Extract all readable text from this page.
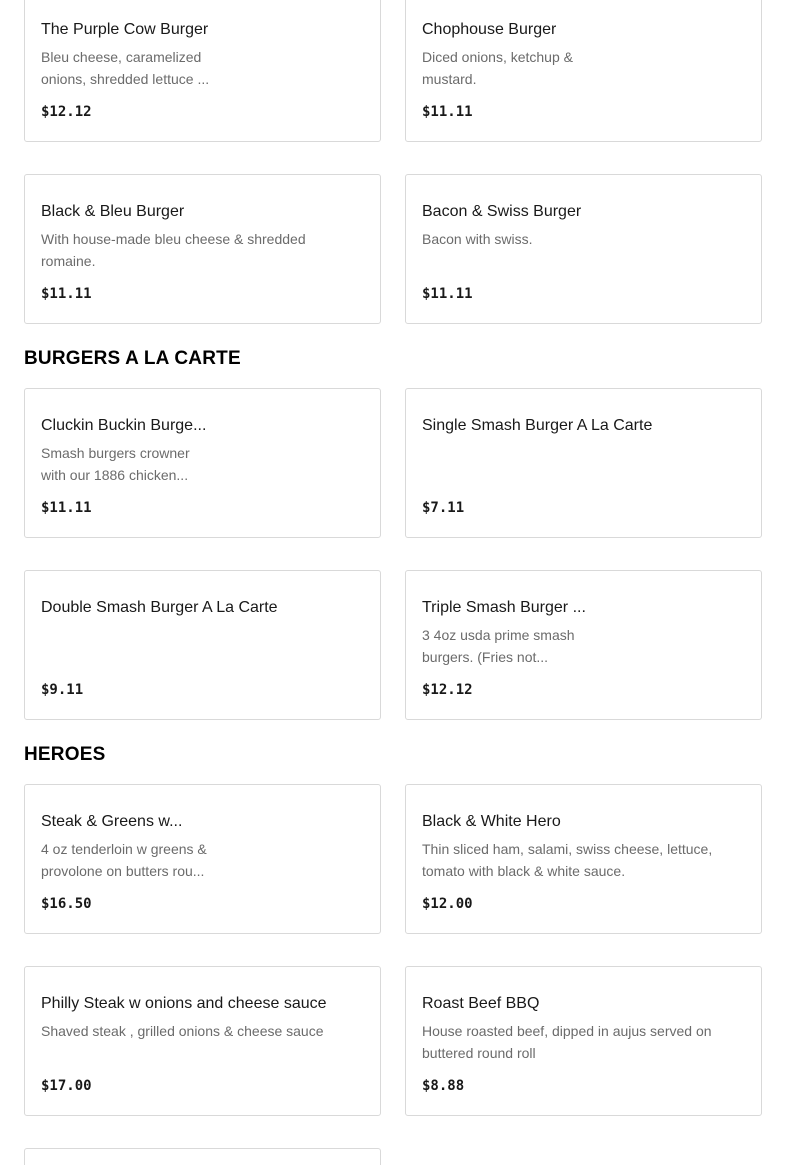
The Purple Cow Burger
Bleu cheese, caramelized onions, shredded lettuce ...
$12.12
Chophouse Burger
Diced onions, ketchup & mustard.
$11.11
Black & Bleu Burger
With house-made bleu cheese & shredded romaine.
$11.11
Bacon & Swiss Burger
Bacon with swiss.
$11.11
BURGERS A LA CARTE
Cluckin Buckin Burge...
Smash burgers crowner with our 1886 chicken...
$11.11
Single Smash Burger A La Carte
$7.11
Double Smash Burger A La Carte
$9.11
Triple Smash Burger ...
3 4oz usda prime smash burgers. (Fries not...
$12.12
HEROES
Steak & Greens w...
4 oz tenderloin w greens & provolone on butters rou...
$16.50
Black & White Hero
Thin sliced ham, salami, swiss cheese, lettuce, tomato with black & white sauce.
$12.00
Philly Steak w onions and cheese sauce
Shaved steak , grilled onions & cheese sauce
$17.00
Roast Beef BBQ
House roasted beef, dipped in aujus served on buttered round roll
$8.88
